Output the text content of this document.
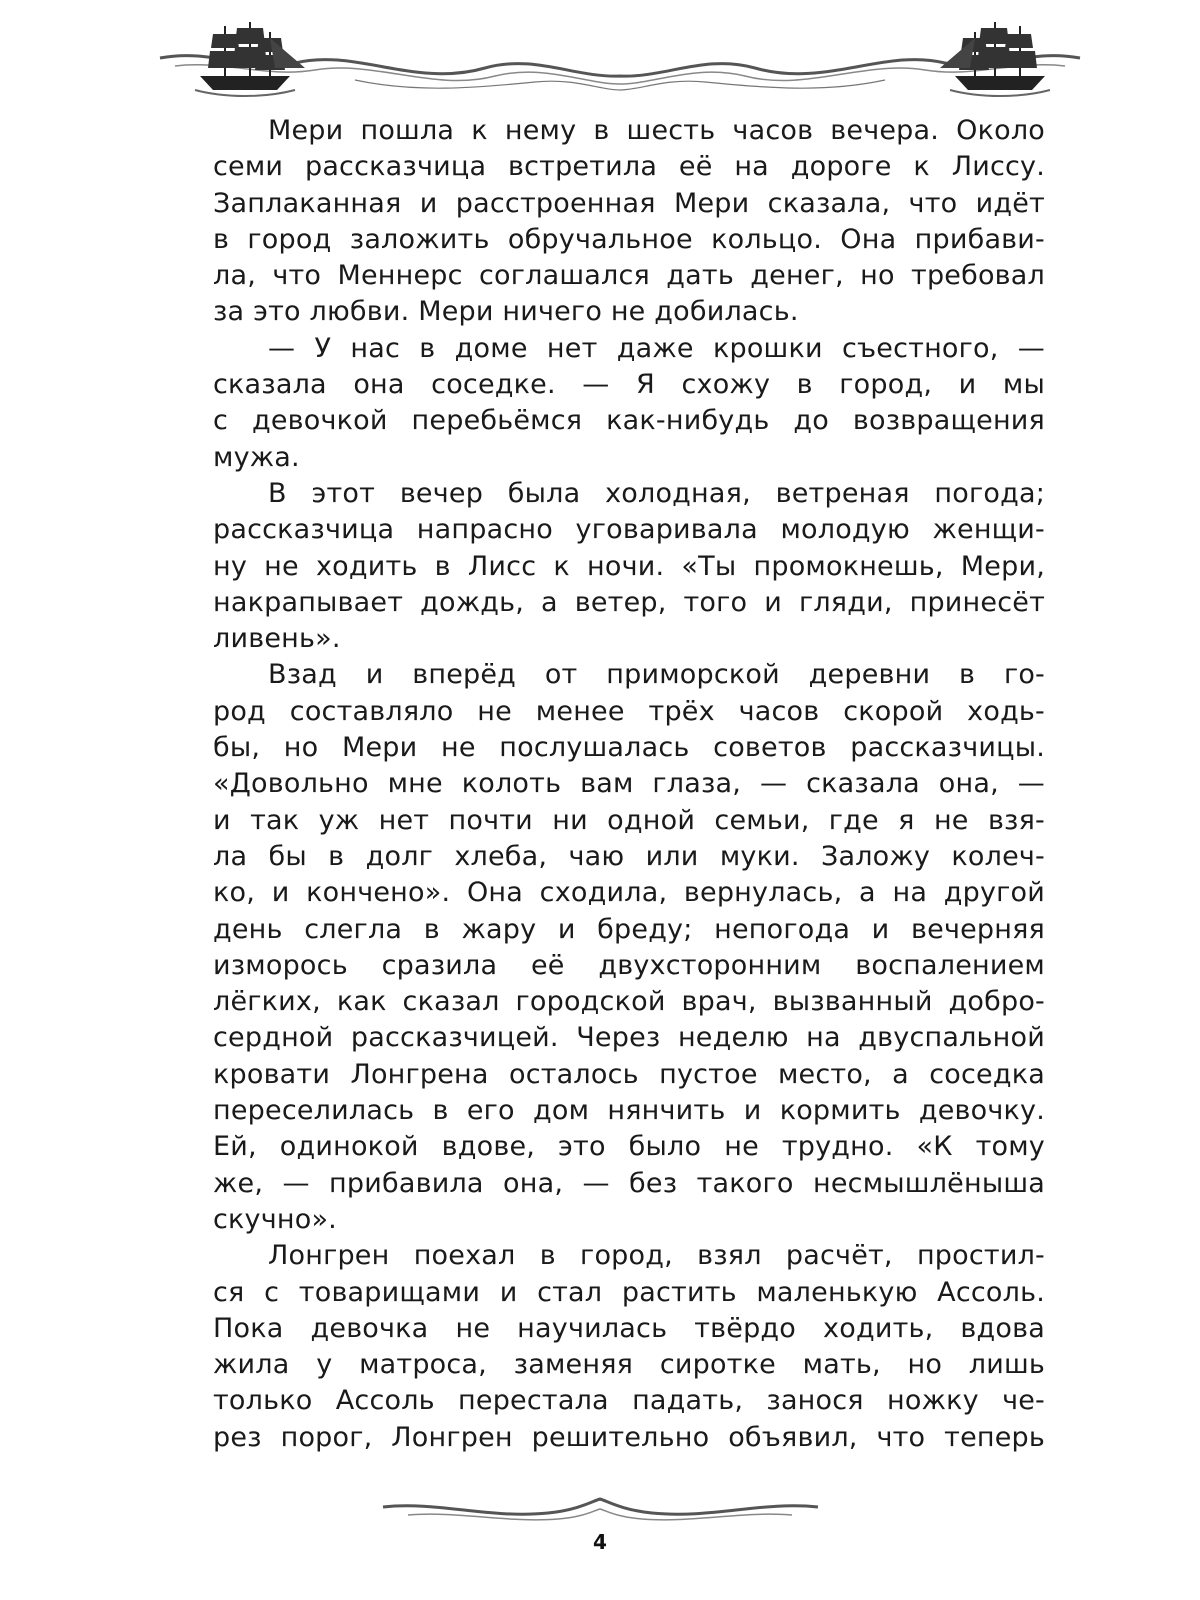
Мери пошла к нему в шесть часов вечера. Около
семи рассказчица встретила её на дороге к Лиссу.
Заплаканная и расстроенная Мери сказала, что идёт
в город заложить обручальное кольцо. Она прибави-
ла, что Меннерс соглашался дать денег, но требовал
за это любви. Мери ничего не добилась.
— У нас в доме нет даже крошки съестного, —
сказала она соседке. — Я схожу в город, и мы
с девочкой перебьёмся как-нибудь до возвращения
мужа.
В этот вечер была холодная, ветреная погода;
рассказчица напрасно уговаривала молодую женщи-
ну не ходить в Лисс к ночи. «Ты промокнешь, Мери,
накрапывает дождь, а ветер, того и гляди, принесёт
ливень».
Взад и вперёд от приморской деревни в го-
род составляло не менее трёх часов скорой ходь-
бы, но Мери не послушалась советов рассказчицы.
«Довольно мне колоть вам глаза, — сказала она, —
и так уж нет почти ни одной семьи, где я не взя-
ла бы в долг хлеба, чаю или муки. Заложу колеч-
ко, и кончено». Она сходила, вернулась, а на другой
день слегла в жару и бреду; непогода и вечерняя
изморось сразила её двухсторонним воспалением
лёгких, как сказал городской врач, вызванный добро-
сердной рассказчицей. Через неделю на двуспальной
кровати Лонгрена осталось пустое место, а соседка
переселилась в его дом нянчить и кормить девочку.
Ей, одинокой вдове, это было не трудно. «К тому
же, — прибавила она, — без такого несмышлёныша
скучно».
Лонгрен поехал в город, взял расчёт, простил-
ся с товарищами и стал растить маленькую Ассоль.
Пока девочка не научилась твёрдо ходить, вдова
жила у матроса, заменяя сиротке мать, но лишь
только Ассоль перестала падать, занося ножку че-
рез порог, Лонгрен решительно объявил, что теперь
4
